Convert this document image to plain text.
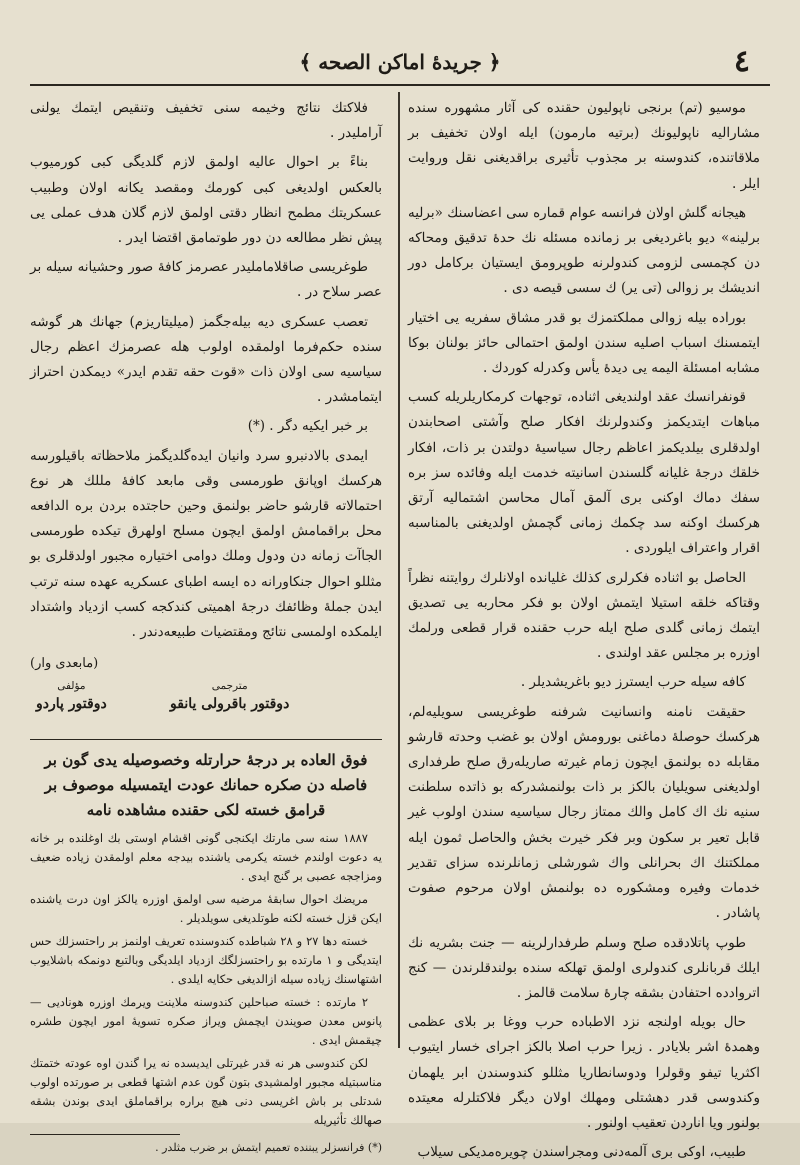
٤
﴿ جريدهٔ اماكن الصحه ﴾

موسيو (تم) برنجى ناپوليون حقنده كى آثار مشهوره سنده مشاراليه ناپوليونك (برتيه مارمون) ايله اولان تخفيف بر ملاقاتنده، كندوسنه بر مجذوب تأثيرى براقديغنى نقل وروايت ايلر .

هيجانه گلش اولان فرانسه عوام قماره سى اعضاسنك «برليه برلينه» ديو باغرديغى بر زمانده مسئله نك حدۀ تدقيق ومحاكه دن كچمسى لزومى كندولرنه طوپرومق ايستيان بركامل دور انديشك بر زوالى (تى ير) ك سسى قيصه دى .

بوراده بيله زوالى مملكتمزك بو قدر مشاق سفريه يى اختيار ايتمسنك اسباب اصليه سندن اولمق احتمالى حائز بولنان بوكا مشابه امسئلة اليمه يى ديدهٔ يأس وكدرله كوردك .

قونفرانسك عقد اولنديغى اثناده، توجهات كرمكاريلريله كسب مباهات ايتديكمز وكندولرنك افكار صلح وآشتى اصحابندن اولدقلرى بيلديكمز اعاظم رجال سياسيهٔ دولتدن بر ذات، افكار خلقك درجهٔ غليانه گلسندن اسانيته خدمت ايله وفائده سز بره سفك دماك اوكنى برى آلمق آمال محاسن اشتماليه آرتق هركسك اوكنه سد چكمك زمانى گچمش اولديغنى بالمناسبه اقرار واعتراف ايلوردى .

الحاصل بو اثناده فكرلرى كذلك غليانده اولانلرك روايتنه نظراً وقتاكه خلقه استيلا ايتمش اولان بو فكر محاربه يى تصديق ايتمك زمانى گلدى صلح ايله حرب حقنده قرار قطعى ورلمك اوزره بر مجلس عقد اولندى .

كافه سيله حرب ايسترز ديو باغريشديلر .

حقيقت نامنه وانسانيت شرفنه طوغريسى سويليه‌لم، هركسك حوصلهٔ دماغنى بورومش اولان بو غضب وحدته قارشو مقابله ده بولنمق ايچون زمام غيرته صاريله‌رق صلح طرفدارى اولديغنى سويليان بالكز بر ذات بولنمشدركه بو ذاتده سلطنت سنيه نك اك كامل والك ممتاز رجال سياسيه سندن اولوب غير قابل تعير بر سكون وبر فكر خيرت بخش والحاصل ثمون ايله مملكتنك اك بحرانلى واك شورشلى زمانلرنده سزاى تقدير خدمات وفيره ومشكوره ده بولنمش اولان مرحوم صفوت پاشادر .

طوپ پاتلادقده صلح وسلم طرفدارلرينه — جنت بشريه نك ايلك قربانلرى كندولرى اولمق تهلكه سنده بولندقلرندن — كنج اتروادده احتفادن بشقه چارهٔ سلامت قالمز .

حال بويله اولنجه نزد الاطباده حرب ووغا بر بلاى عظمى وهمدهٔ اشر بلايادر . زيرا حرب اصلا بالكز اجراى خسار ايتيوب اكثريا تيفو وقولرا ودوسانطاريا مثللو كندوسندن ابر يلهمان وكندوسى قدر دهشتلى ومهلك اولان ديگر فلاكتلرله معيتده بولنور ويا اناردن تعقيب اولنور .

طبيب، اوكى برى آلمه‌دنى ومجراسندن چويره‌مديكى سيلاب

فلاكتك نتائج وخيمه سنى تخفيف وتنقيص ايتمك يولنى آرامليدر .

بناءً بر احوال عاليه اولمق لازم گلديگى كبى كورميوب بالعكس اولديغى كبى كورمك ومقصد يكانه اولان وطبيب عسكريتك مطمح انظار دقتى اولمق لازم گلان هدف عملى يى پيش نظر مطالعه دن دور طوتمامق اقتضا ايدر .

طوغريسى صاقلامامليدر عصرمز كافهٔ صور وحشيانه سيله بر عصر سلاح در .

تعصب عسكرى ديه بيله‌جگمز (ميليتاريزم) جهانك هر گوشه سنده حكم‌فرما اولمقده اولوب هله عصرمزك اعظم رجال سياسيه سى اولان ذات «قوت حقه تقدم ايدر» ديمكدن احتراز ايتمامشدر .

بر خبر ايكيه دگر . (*)

ايمدى بالادنبرو سرد وانيان ايده‌گلديگمز ملاحظاته باقيلورسه هركسك اوپانق طورمسى وقى مابعد كافهٔ مللك هر نوع احتمالاته قارشو حاضر بولنمق وحين حاجتده بردن بره الدافعه محل براقمامش اولمق ايچون مسلح اولهرق تيكده طورمسى الجاآت زمانه دن ودول وملك دوامى اختياره مجبور اولدقلرى بو مثللو احوال جنكاورانه ده ايسه اطباى عسكريه عهده سنه ترتب ايدن جملهٔ وظائفك درجهٔ اهميتى كندكجه كسب ازدياد واشتداد ايلمكده اولمسى نتائج ومقتضيات طبيعه‌دندر .

(مابعدى وار)
مؤلفى
دوقتور پاردو
مترجمى
دوقتور باقرولى يانقو
فوق العاده بر درجهٔ حرارتله وخصوصيله يدى گون بر فاصله دن صكره حمانك عودت ايتمسيله موصوف بر قرامق خسته لكى حقنده مشاهده نامه

١٨٨٧ سنه سى مارتك ايكنجى گونى اقشام اوستى بك اوغلنده بر خانه يه دعوت اولندم خسته يكرمى ياشنده بيدجه معلم اولمقدن زياده ضعيف ومزاججه عصبى بر گنج ايدى .

مريضك احوال سابقهٔ مرضيه سى اولمق اوزره يالكز اون درت ياشنده ايكن قزل خسته لكنه طوتلديغى سويلديلر .

خسته دها ٢٧ و ٢٨ شباطده كندوسنده تعريف اولنمز بر راحتسزلك حس ايتديگى و ١ مارتده بو راحتسزلگك ازدياد ايلديگى وبالتبع دونمكه باشلايوب اشتهاسنك زياده سيله ازالديغى حكايه ايلدى .

٢ مارتده : خسته صباحلين كندوسنه ملاينت ويرمك اوزره هوناديى — پانوس معدن صويندن ايچمش ويراز صكره تسويهٔ امور ايچون طشره چيقمش ايدى .

لكن كندوسى هر نه قدر غيرتلى ايديسده نه يرا گندن اوه عودته ختمتك مناسبتيله مجبور اولمشيدى بتون گون عدم اشتها قطعى بر صورتده اولوب شدتلى بر باش اغريسى دنى هيچ براره براقماملق ايدى بوندن بشقه صهالك تأثيريله

(*) فرانسزلر يبننده تعميم ايتمش بر ضرب مثلدر .
